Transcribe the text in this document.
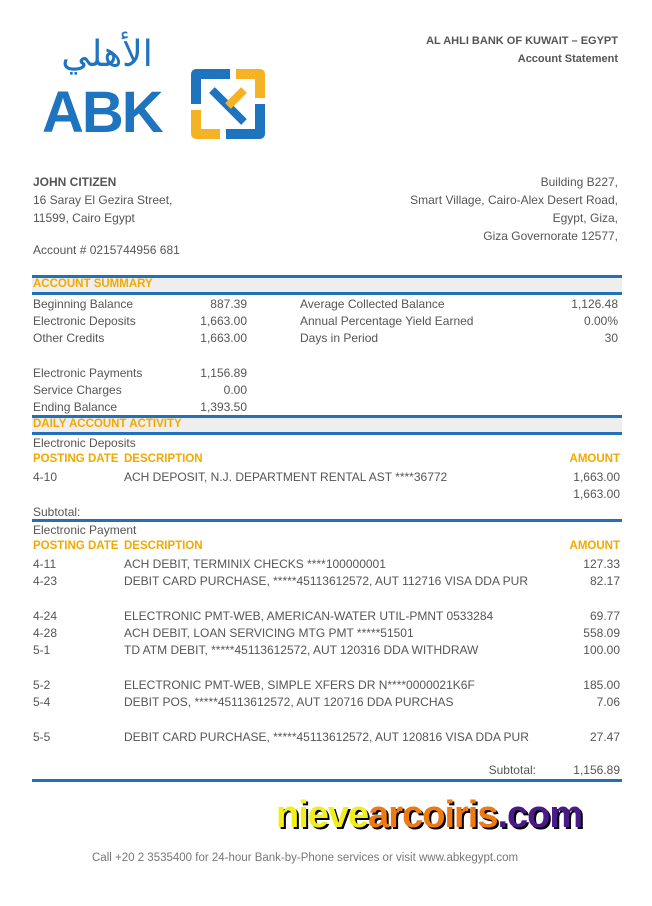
الأهلي
ABK
AL AHLI BANK OF KUWAIT – EGYPT
Account Statement
JOHN CITIZEN
16 Saray El Gezira Street,
11599, Cairo Egypt
Account # 0215744956 681
Building B227,
Smart Village, Cairo-Alex Desert Road,
Egypt, Giza,
Giza Governorate 12577,
ACCOUNT SUMMARY
DAILY ACCOUNT ACTIVITY
Electronic Deposits
POSTING DATE DESCRIPTION	AMOUNT
4-10	ACH DEPOSIT, N.J. DEPARTMENT RENTAL AST ****36772	1,663.00
1,663.00
Subtotal:
Electronic Payment
POSTING DATE DESCRIPTION	AMOUNT
4-11	ACH DEBIT, TERMINIX CHECKS ****100000001	127.33
4-23	DEBIT CARD PURCHASE, *****45113612572, AUT 112716 VISA DDA PUR	82.17
4-24	ELECTRONIC PMT-WEB, AMERICAN-WATER UTIL-PMNT 0533284	69.77
4-28	ACH DEBIT, LOAN SERVICING MTG PMT *****51501	558.09
5-1	TD ATM DEBIT, *****45113612572, AUT 120316 DDA WITHDRAW	100.00
5-2	ELECTRONIC PMT-WEB, SIMPLE XFERS DR N****0000021K6F	185.00
5-4	DEBIT POS, *****45113612572, AUT 120716 DDA PURCHAS	7.06
5-5	DEBIT CARD PURCHASE, *****45113612572, AUT 120816 VISA DDA PUR	27.47
Subtotal:	1,156.89
nievearcoiris.com
Call +20 2 3535400 for 24-hour Bank-by-Phone services or visit www.abkegypt.com
Beginning Balance	887.39
Electronic Deposits	1,663.00
Other Credits	1,663.00
Electronic Payments	1,156.89
Service Charges	0.00
Ending Balance	1,393.50
Average Collected Balance	1,126.48
Annual Percentage Yield Earned	0.00%
Days in Period	30
